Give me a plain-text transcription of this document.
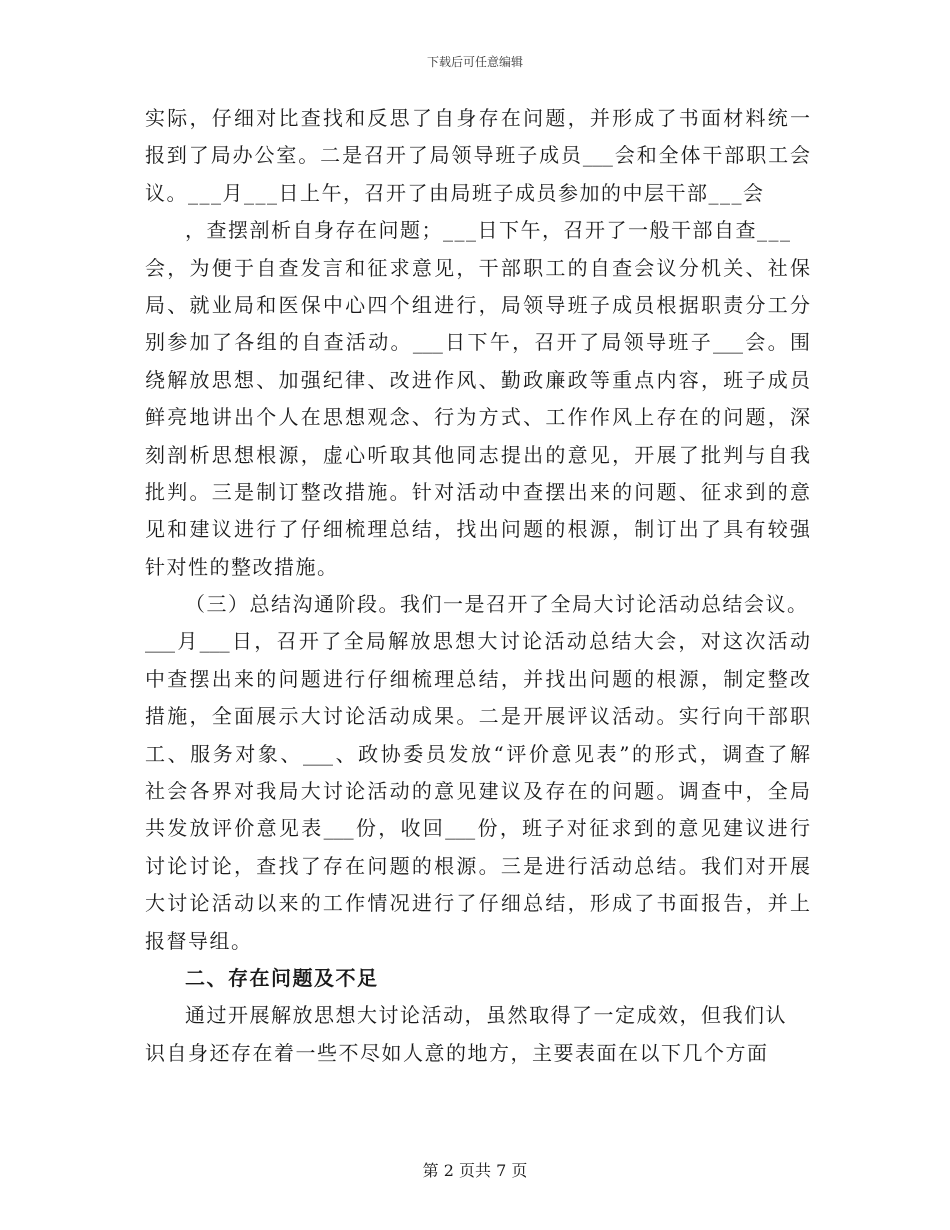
下载后可任意编辑
实际，仔细对比查找和反思了自身存在问题，并形成了书面材料统一
报到了局办公室。二是召开了局领导班子成员___会和全体干部职工会
议。___月___日上午，召开了由局班子成员参加的中层干部___会
，查摆剖析自身存在问题；___日下午，召开了一般干部自查___
会，为便于自查发言和征求意见，干部职工的自查会议分机关、社保
局、就业局和医保中心四个组进行，局领导班子成员根据职责分工分
别参加了各组的自查活动。___日下午，召开了局领导班子___会。围
绕解放思想、加强纪律、改进作风、勤政廉政等重点内容，班子成员
鲜亮地讲出个人在思想观念、行为方式、工作作风上存在的问题，深
刻剖析思想根源，虚心听取其他同志提出的意见，开展了批判与自我
批判。三是制订整改措施。针对活动中查摆出来的问题、征求到的意
见和建议进行了仔细梳理总结，找出问题的根源，制订出了具有较强
针对性的整改措施。
（三）总结沟通阶段。我们一是召开了全局大讨论活动总结会议。
___月___日，召开了全局解放思想大讨论活动总结大会，对这次活动
中查摆出来的问题进行仔细梳理总结，并找出问题的根源，制定整改
措施，全面展示大讨论活动成果。二是开展评议活动。实行向干部职
工、服务对象、___、政协委员发放“评价意见表”的形式，调查了解
社会各界对我局大讨论活动的意见建议及存在的问题。调查中，全局
共发放评价意见表___份，收回___份，班子对征求到的意见建议进行
讨论讨论，查找了存在问题的根源。三是进行活动总结。我们对开展
大讨论活动以来的工作情况进行了仔细总结，形成了书面报告，并上
报督导组。
二、存在问题及不足
通过开展解放思想大讨论活动，虽然取得了一定成效，但我们认
识自身还存在着一些不尽如人意的地方，主要表面在以下几个方面
第 2 页共 7 页
